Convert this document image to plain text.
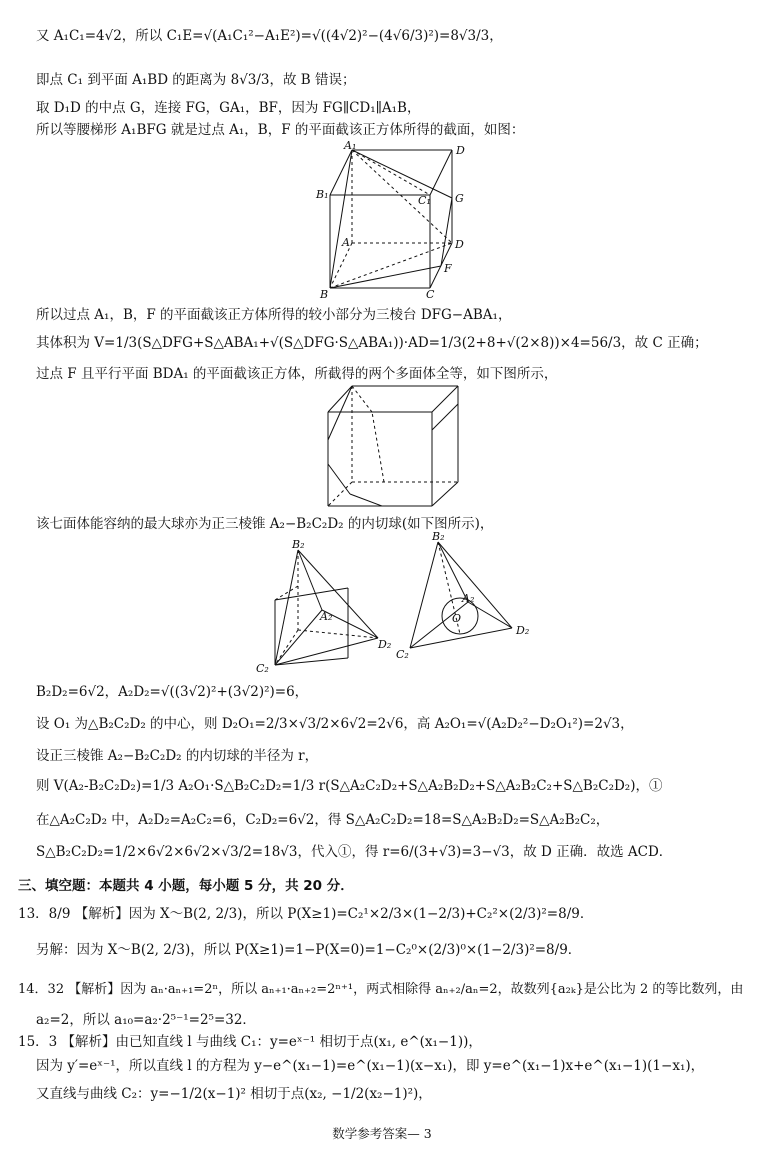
又 A₁C₁=4√2，所以 C₁E=√(A₁C₁²−A₁E²)=√((4√2)²−(4√6/3)²)=8√3/3，
即点 C₁ 到平面 A₁BD 的距离为 8√3/3，故 B 错误；
取 D₁D 的中点 G，连接 FG，GA₁，BF，因为 FG∥CD₁∥A₁B，
所以等腰梯形 A₁BFG 就是过点 A₁，B，F 的平面截该正方体所得的截面，如图：
A₁	D
B₁	C₁ G
A	D
F
B	C
所以过点 A₁，B，F 的平面截该正方体所得的较小部分为三棱台 DFG−ABA₁，
其体积为 V=1/3(S△DFG+S△ABA₁+√(S△DFG·S△ABA₁))·AD=1/3(2+8+√(2×8))×4=56/3，故 C 正确；
过点 F 且平行平面 BDA₁ 的平面截该正方体，所截得的两个多面体全等，如下图所示，
该七面体能容纳的最大球亦为正三棱锥 A₂−B₂C₂D₂ 的内切球(如下图所示)，
B₂
A₂
D₂
C₂
B₂
A₂
O
D₂
C₂
B₂D₂=6√2，A₂D₂=√((3√2)²+(3√2)²)=6，
设 O₁ 为△B₂C₂D₂ 的中心，则 D₂O₁=2/3×√3/2×6√2=2√6，高 A₂O₁=√(A₂D₂²−D₂O₁²)=2√3，
设正三棱锥 A₂−B₂C₂D₂ 的内切球的半径为 r，
则 V(A₂-B₂C₂D₂)=1/3 A₂O₁·S△B₂C₂D₂=1/3 r(S△A₂C₂D₂+S△A₂B₂D₂+S△A₂B₂C₂+S△B₂C₂D₂)，①
在△A₂C₂D₂ 中，A₂D₂=A₂C₂=6，C₂D₂=6√2，得 S△A₂C₂D₂=18=S△A₂B₂D₂=S△A₂B₂C₂，
S△B₂C₂D₂=1/2×6√2×6√2×√3/2=18√3，代入①，得 r=6/(3+√3)=3−√3，故 D 正确．故选 ACD．
三、填空题：本题共 4 小题，每小题 5 分，共 20 分．
13．8/9 【解析】因为 X～B(2, 2/3)，所以 P(X≥1)=C₂¹×2/3×(1−2/3)+C₂²×(2/3)²=8/9．
另解：因为 X～B(2, 2/3)，所以 P(X≥1)=1−P(X=0)=1−C₂⁰×(2/3)⁰×(1−2/3)²=8/9．
14．32 【解析】因为 aₙ·aₙ₊₁=2ⁿ，所以 aₙ₊₁·aₙ₊₂=2ⁿ⁺¹，两式相除得 aₙ₊₂/aₙ=2，故数列{a₂ₖ}是公比为 2 的等比数列，由
a₂=2，所以 a₁₀=a₂·2⁵⁻¹=2⁵=32．
15．3 【解析】由已知直线 l 与曲线 C₁：y=eˣ⁻¹ 相切于点(x₁, e^(x₁−1))，
因为 y′=eˣ⁻¹，所以直线 l 的方程为 y−e^(x₁−1)=e^(x₁−1)(x−x₁)，即 y=e^(x₁−1)x+e^(x₁−1)(1−x₁)，
又直线与曲线 C₂：y=−1/2(x−1)² 相切于点(x₂, −1/2(x₂−1)²)，
数学参考答案— 3
